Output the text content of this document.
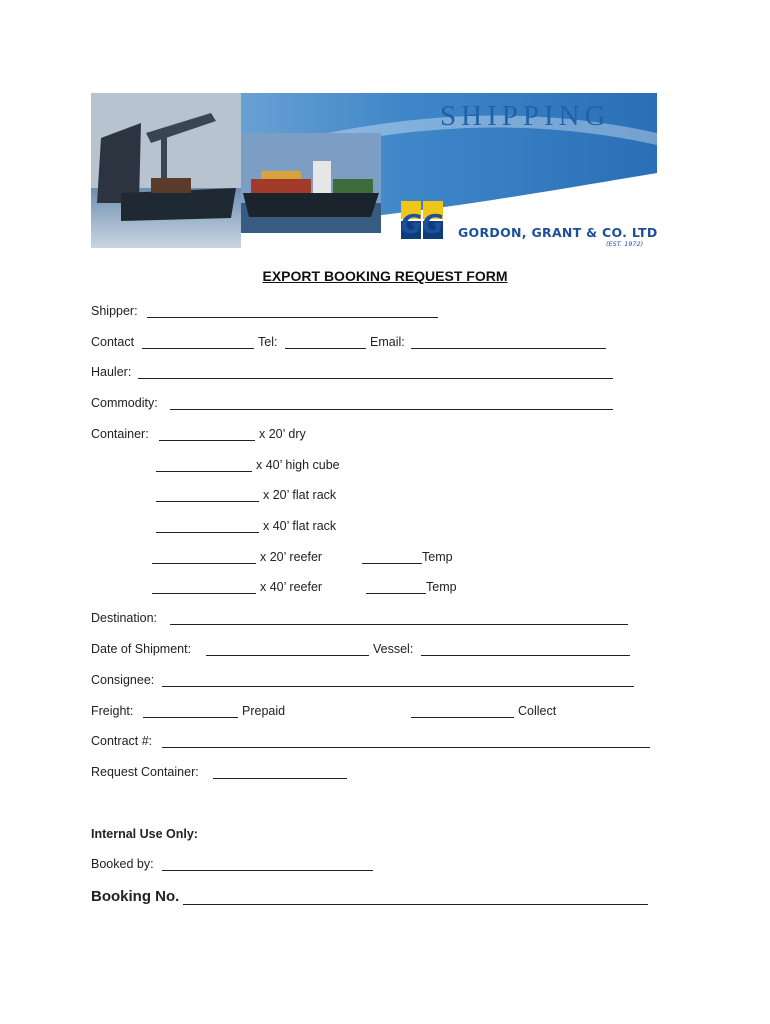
GG
SHIPPING
GORDON, GRANT & CO. LTD
(EST. 1972)
EXPORT BOOKING REQUEST FORM
Shipper:
Contact	Tel:	Email:
Hauler:
Commodity:
Container:	x 20’ dry
x 40’ high cube
x 20’ flat rack
x 40’ flat rack
x 20’ reefer	Temp
x 40’ reefer	Temp
Destination:
Date of Shipment:	Vessel:
Consignee:
Freight:	Prepaid	Collect
Contract #:
Request Container:
Internal Use Only:
Booked by:
Booking No.
